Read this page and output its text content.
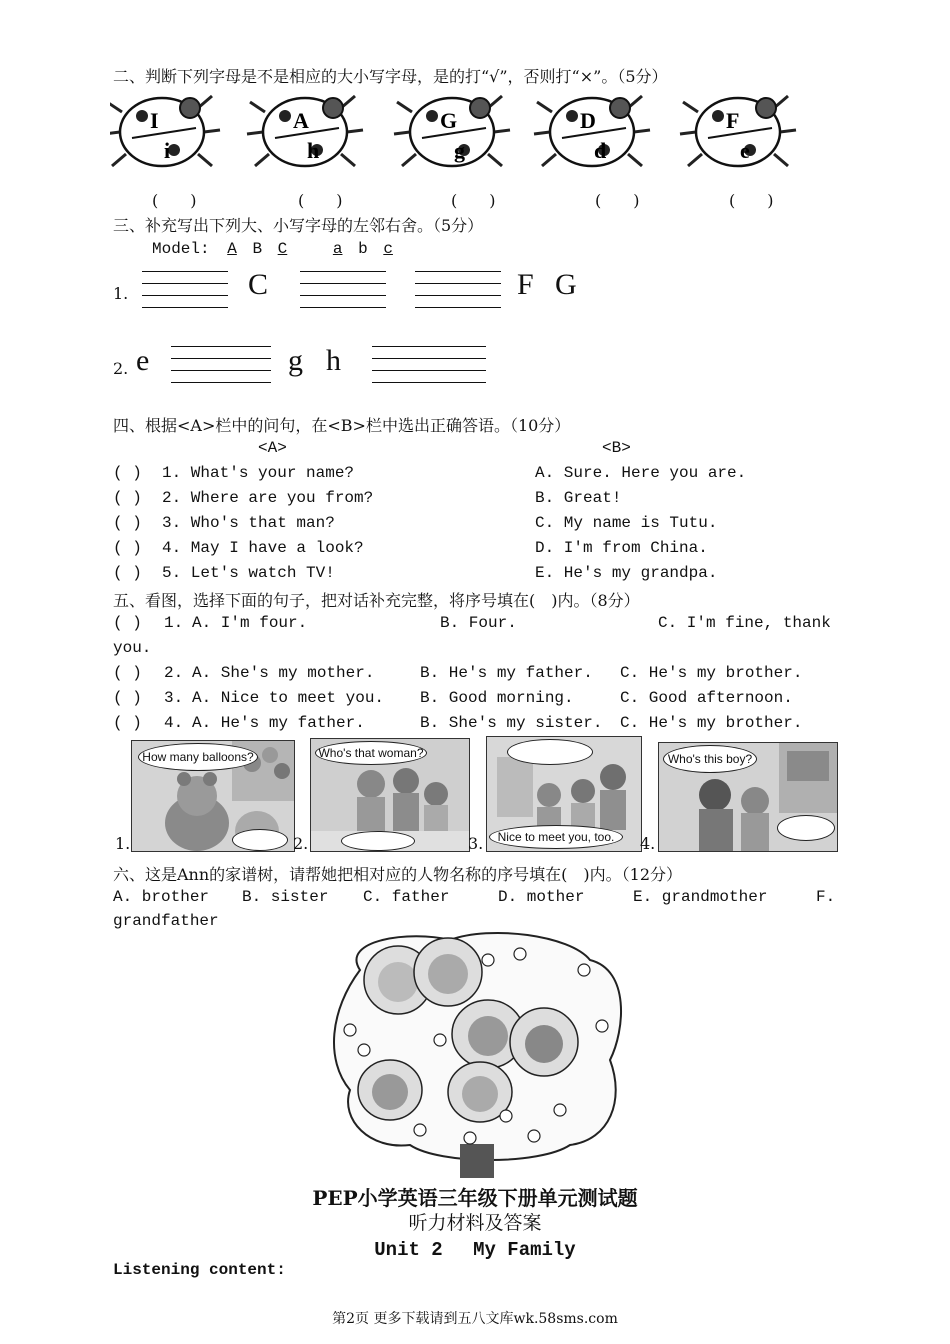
二、判断下列字母是不是相应的大小写字母，是的打“√”，否则打“×”。（5分）
I
i
A
h
G
g
D
d
F
e
(　　)	(　　)	(　　)	(　　)	(　　)
三、补充写出下列大、小写字母的左邻右舍。（5分）
Model: A B C	a b c
1.	C	F G
2. e	g h
四、根据<A>栏中的问句，在<B>栏中选出正确答语。（10分）
<A>	<B>
( ) 1. What's your name?	A. Sure. Here you are.
( ) 2. Where are you from?	B. Great!
( ) 3. Who's that man?	C. My name is Tutu.
( ) 4. May I have a look?	D. I'm from China.
( ) 5. Let's watch TV!	E. He's my grandpa.
五、看图，选择下面的句子，把对话补充完整，将序号填在(　)内。（8分）
( ) 1. A. I'm four.	B. Four.	C. I'm fine, thank
you.
( ) 2. A. She's my mother.	B. He's my father. C. He's my brother.
( ) 3. A. Nice to meet you. B. Good morning.	C. Good afternoon.
( ) 4. A. He's my father.	B. She's my sister. C. He's my brother.
How many balloons?	Who's that woman?
Nice to meet you, too.
Who's this boy?
1.	2.	3.	4.
六、这是Ann的家谱树，请帮她把相对应的人物名称的序号填在(　)内。（12分）
A. brother B. sister C. father	D. mother	E. grandmother	F.
grandfather
PEP小学英语三年级下册单元测试题
听力材料及答案
Unit 2　 My Family
Listening content:
第2页 更多下载请到五八文库wk.58sms.com
